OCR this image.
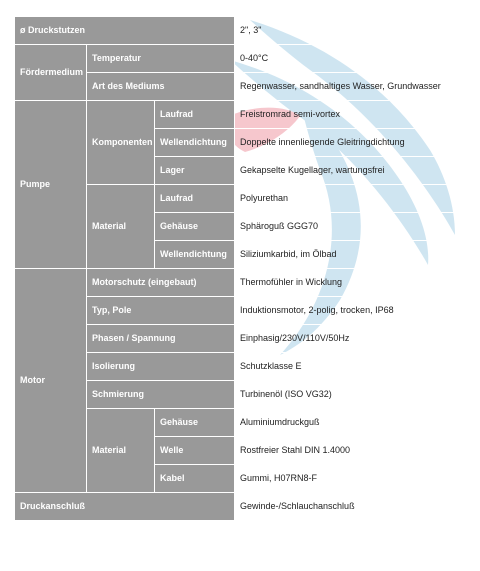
ø Druckstutzen			2", 3"
Fördermedium	Temperatur		0-40°C
	Art des Mediums		Regenwasser, sandhaltiges Wasser, Grundwasser
Pumpe	Komponenten	Laufrad	Freistromrad semi-vortex
		Wellendichtung	Doppelte innenliegende Gleitringdichtung
		Lager	Gekapselte Kugellager, wartungsfrei
	Material	Laufrad	Polyurethan
		Gehäuse	Sphäroguß GGG70
		Wellendichtung	Siliziumkarbid, im Ölbad
Motor	Motorschutz (eingebaut)		Thermofühler in Wicklung
	Typ, Pole		Induktionsmotor, 2-polig, trocken, IP68
	Phasen / Spannung		Einphasig/230V/110V/50Hz
	Isolierung		Schutzklasse E
	Schmierung		Turbinenöl (ISO VG32)
	Material	Gehäuse	Aluminiumdruckguß
		Welle	Rostfreier Stahl DIN 1.4000
		Kabel	Gummi, H07RN8-F
Druckanschluß			Gewinde-/Schlauchanschluß
